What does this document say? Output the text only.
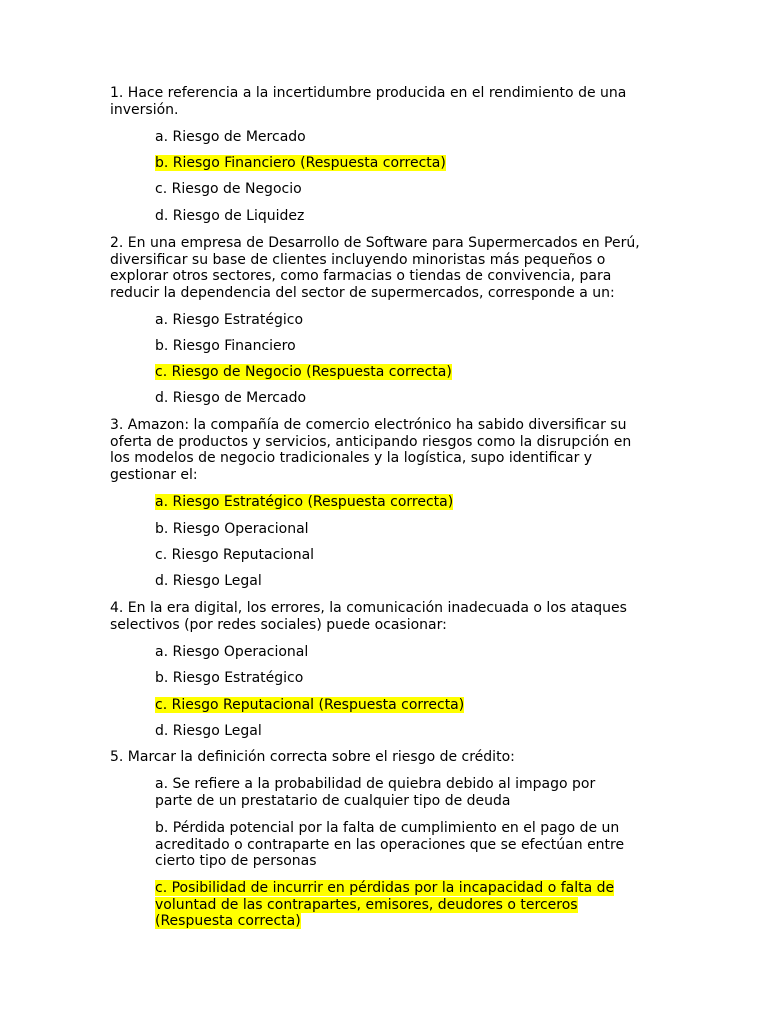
1. Hace referencia a la incertidumbre producida en el rendimiento de una inversión.

a. Riesgo de Mercado

b. Riesgo Financiero (Respuesta correcta)

c. Riesgo de Negocio

d. Riesgo de Liquidez

2. En una empresa de Desarrollo de Software para Supermercados en Perú, diversificar su base de clientes incluyendo minoristas más pequeños o explorar otros sectores, como farmacias o tiendas de convivencia, para reducir la dependencia del sector de supermercados, corresponde a un:

a. Riesgo Estratégico

b. Riesgo Financiero

c. Riesgo de Negocio (Respuesta correcta)

d. Riesgo de Mercado

3. Amazon: la compañía de comercio electrónico ha sabido diversificar su oferta de productos y servicios, anticipando riesgos como la disrupción en los modelos de negocio tradicionales y la logística, supo identificar y gestionar el:

a. Riesgo Estratégico (Respuesta correcta)

b. Riesgo Operacional

c. Riesgo Reputacional

d. Riesgo Legal

4. En la era digital, los errores, la comunicación inadecuada o los ataques selectivos (por redes sociales) puede ocasionar:

a. Riesgo Operacional

b. Riesgo Estratégico

c. Riesgo Reputacional (Respuesta correcta)

d. Riesgo Legal

5. Marcar la definición correcta sobre el riesgo de crédito:

a. Se refiere a la probabilidad de quiebra debido al impago por parte de un prestatario de cualquier tipo de deuda

b. Pérdida potencial por la falta de cumplimiento en el pago de un acreditado o contraparte en las operaciones que se efectúan entre cierto tipo de personas

c. Posibilidad de incurrir en pérdidas por la incapacidad o falta de voluntad de las contrapartes, emisores, deudores o terceros (Respuesta correcta)
